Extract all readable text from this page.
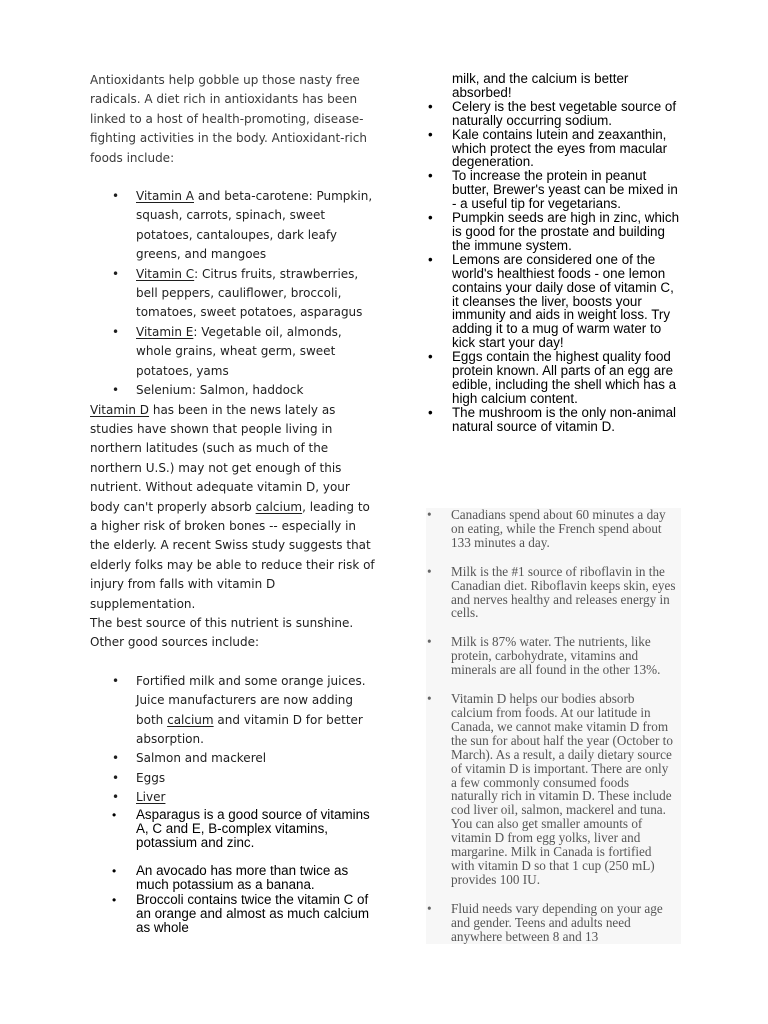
Antioxidants help gobble up those nasty free radicals. A diet rich in antioxidants has been linked to a host of health-promoting, disease-fighting activities in the body. Antioxidant-rich foods include:

• Vitamin A and beta-carotene: Pumpkin, squash, carrots, spinach, sweet potatoes, cantaloupes, dark leafy greens, and mangoes
• Vitamin C: Citrus fruits, strawberries, bell peppers, cauliflower, broccoli, tomatoes, sweet potatoes, asparagus
• Vitamin E: Vegetable oil, almonds, whole grains, wheat germ, sweet potatoes, yams
• Selenium: Salmon, haddock

Vitamin D has been in the news lately as studies have shown that people living in northern latitudes (such as much of the northern U.S.) may not get enough of this nutrient. Without adequate vitamin D, your body can't properly absorb calcium, leading to a higher risk of broken bones -- especially in the elderly. A recent Swiss study suggests that elderly folks may be able to reduce their risk of injury from falls with vitamin D supplementation.

The best source of this nutrient is sunshine. Other good sources include:

• Fortified milk and some orange juices. Juice manufacturers are now adding both calcium and vitamin D for better absorption.
• Salmon and mackerel
• Eggs
• Liver
• Asparagus is a good source of vitamins A, C and E, B-complex vitamins, potassium and zinc.
• An avocado has more than twice as much potassium as a banana.
• Broccoli contains twice the vitamin C of an orange and almost as much calcium as whole

milk, and the calcium is better absorbed!

• Celery is the best vegetable source of naturally occurring sodium.
• Kale contains lutein and zeaxanthin, which protect the eyes from macular degeneration.
• To increase the protein in peanut butter, Brewer's yeast can be mixed in - a useful tip for vegetarians.
• Pumpkin seeds are high in zinc, which is good for the prostate and building the immune system.
• Lemons are considered one of the world's healthiest foods - one lemon contains your daily dose of vitamin C, it cleanses the liver, boosts your immunity and aids in weight loss. Try adding it to a mug of warm water to kick start your day!
• Eggs contain the highest quality food protein known. All parts of an egg are edible, including the shell which has a high calcium content.
• The mushroom is the only non-animal natural source of vitamin D.
• Canadians spend about 60 minutes a day on eating, while the French spend about 133 minutes a day.
• Milk is the #1 source of riboflavin in the Canadian diet. Riboflavin keeps skin, eyes and nerves healthy and releases energy in cells.
• Milk is 87% water. The nutrients, like protein, carbohydrate, vitamins and minerals are all found in the other 13%.
• Vitamin D helps our bodies absorb calcium from foods. At our latitude in Canada, we cannot make vitamin D from the sun for about half the year (October to March). As a result, a daily dietary source of vitamin D is important. There are only a few commonly consumed foods naturally rich in vitamin D. These include cod liver oil, salmon, mackerel and tuna. You can also get smaller amounts of vitamin D from egg yolks, liver and margarine. Milk in Canada is fortified with vitamin D so that 1 cup (250 mL) provides 100 IU.
• Fluid needs vary depending on your age and gender. Teens and adults need anywhere between 8 and 13
